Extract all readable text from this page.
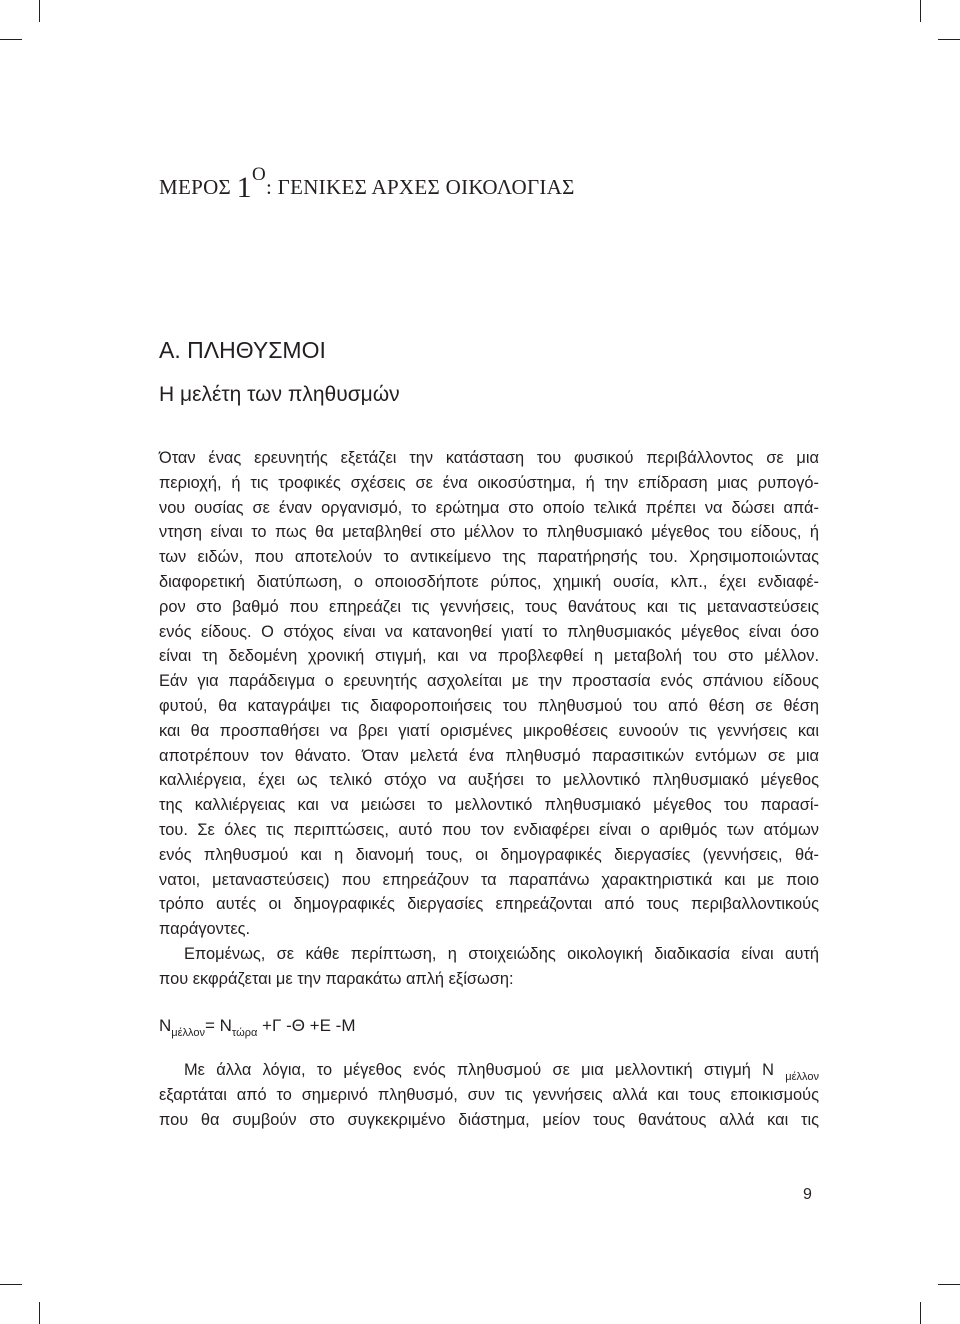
ΜΕΡΟΣ 1Ο: ΓΕΝΙΚΕΣ ΑΡΧΕΣ ΟΙΚΟΛΟΓΙΑΣ
Α. ΠΛΗΘΥΣΜΟΙ
Η μελέτη των πληθυσμών

Όταν ένας ερευνητής εξετάζει την κατάσταση του φυσικού περιβάλλοντος σε μια

περιοχή, ή τις τροφικές σχέσεις σε ένα οικοσύστημα, ή την επίδραση μιας ρυπογό-

νου ουσίας σε έναν οργανισμό, το ερώτημα στο οποίο τελικά πρέπει να δώσει απά-

ντηση είναι το πως θα μεταβληθεί στο μέλλον το πληθυσμιακό μέγεθος του είδους, ή

των ειδών, που αποτελούν το αντικείμενο της παρατήρησής του. Χρησιμοποιώντας

διαφορετική διατύπωση, ο οποιοσδήποτε ρύπος, χημική ουσία, κλπ., έχει ενδιαφέ-

ρον στο βαθμό που επηρεάζει τις γεννήσεις, τους θανάτους και τις μεταναστεύσεις

ενός είδους. Ο στόχος είναι να κατανοηθεί γιατί το πληθυσμιακός μέγεθος είναι όσο

είναι τη δεδομένη χρονική στιγμή, και να προβλεφθεί η μεταβολή του στο μέλλον.

Εάν για παράδειγμα ο ερευνητής ασχολείται με την προστασία ενός σπάνιου είδους

φυτού, θα καταγράψει τις διαφοροποιήσεις του πληθυσμού του από θέση σε θέση

και θα προσπαθήσει να βρει γιατί ορισμένες μικροθέσεις ευνοούν τις γεννήσεις και

αποτρέπουν τον θάνατο. Όταν μελετά ένα πληθυσμό παρασιτικών εντόμων σε μια

καλλιέργεια, έχει ως τελικό στόχο να αυξήσει το μελλοντικό πληθυσμιακό μέγεθος

της καλλιέργειας και να μειώσει το μελλοντικό πληθυσμιακό μέγεθος του παρασί-

του. Σε όλες τις περιπτώσεις, αυτό που τον ενδιαφέρει είναι ο αριθμός των ατόμων

ενός πληθυσμού και η διανομή τους, οι δημογραφικές διεργασίες (γεννήσεις, θά-

νατοι, μεταναστεύσεις) που επηρεάζουν τα παραπάνω χαρακτηριστικά και με ποιο

τρόπο αυτές οι δημογραφικές διεργασίες επηρεάζονται από τους περιβαλλοντικούς

παράγοντες.

Επομένως, σε κάθε περίπτωση, η στοιχειώδης οικολογική διαδικασία είναι αυτή

που εκφράζεται με την παρακάτω απλή εξίσωση:

$N_{\mu έ\lambda\lambda o\nu}= N_{\tau ώ\rho\alpha} +\Gamma$ -Θ +Ε -Μ

Με άλλα λόγια, το μέγεθος ενός πληθυσμού σε μια μελλοντική στιγμή N $_{\mu έ\lambda\lambda o\nu}$

εξαρτάται από το σημερινό πληθυσμό, συν τις γεννήσεις αλλά και τους εποικισμούς

που θα συμβούν στο συγκεκριμένο διάστημα, μείον τους θανάτους αλλά και τις

9
